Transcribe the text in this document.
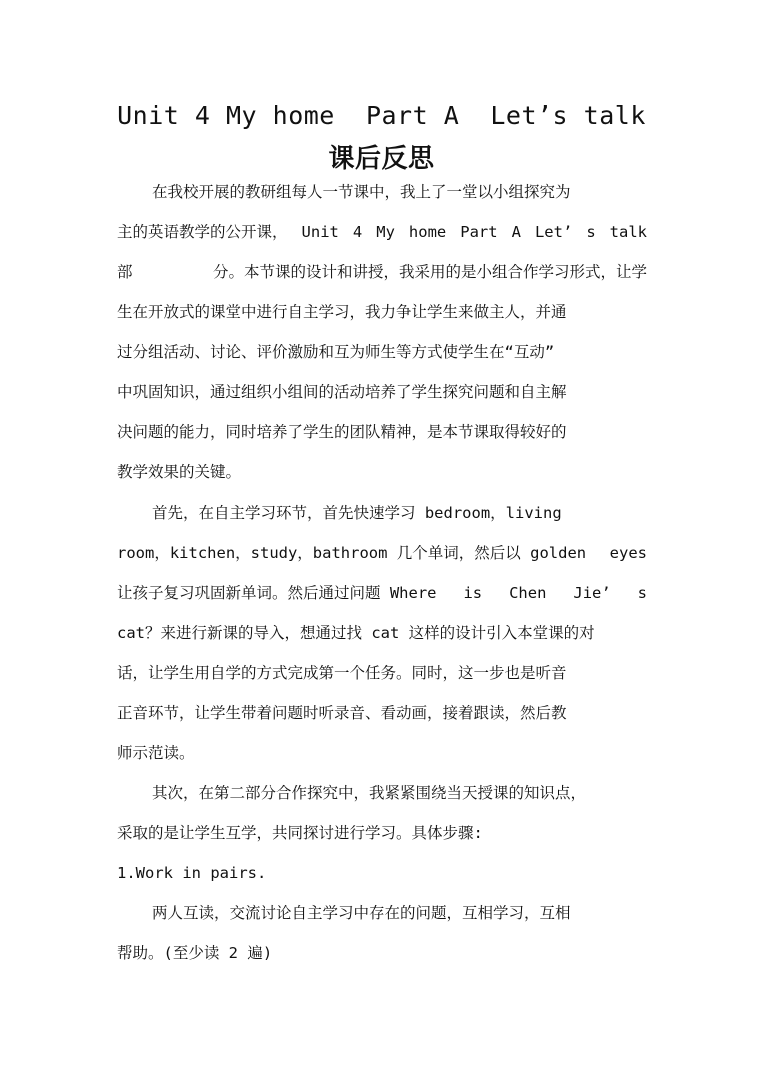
Unit 4 My home  Part A  Let’s talk
课后反思
在我校开展的教研组每人一节课中，我上了一堂以小组探究为
主的英语教学的公开课， Unit 4 My home Part A Let’ s talk
部	分。本节课的设计和讲授，我采用的是小组合作学习形式，让学
生在开放式的课堂中进行自主学习，我力争让学生来做主人，并通
过分组活动、讨论、评价激励和互为师生等方式使学生在“互动”
中巩固知识，通过组织小组间的活动培养了学生探究问题和自主解
决问题的能力，同时培养了学生的团队精神，是本节课取得较好的
教学效果的关键。
首先，在自主学习环节，首先快速学习 bedroom，living
room，kitchen，study，bathroom 几个单词，然后以 golden eyes
让孩子复习巩固新单词。然后通过问题 Where is Chen Jie’ s
cat？来进行新课的导入，想通过找 cat 这样的设计引入本堂课的对
话，让学生用自学的方式完成第一个任务。同时，这一步也是听音
正音环节，让学生带着问题时听录音、看动画，接着跟读，然后教
师示范读。
其次，在第二部分合作探究中，我紧紧围绕当天授课的知识点，
采取的是让学生互学，共同探讨进行学习。具体步骤:
1.Work in pairs.
两人互读，交流讨论自主学习中存在的问题，互相学习，互相
帮助。(至少读 2 遍)
